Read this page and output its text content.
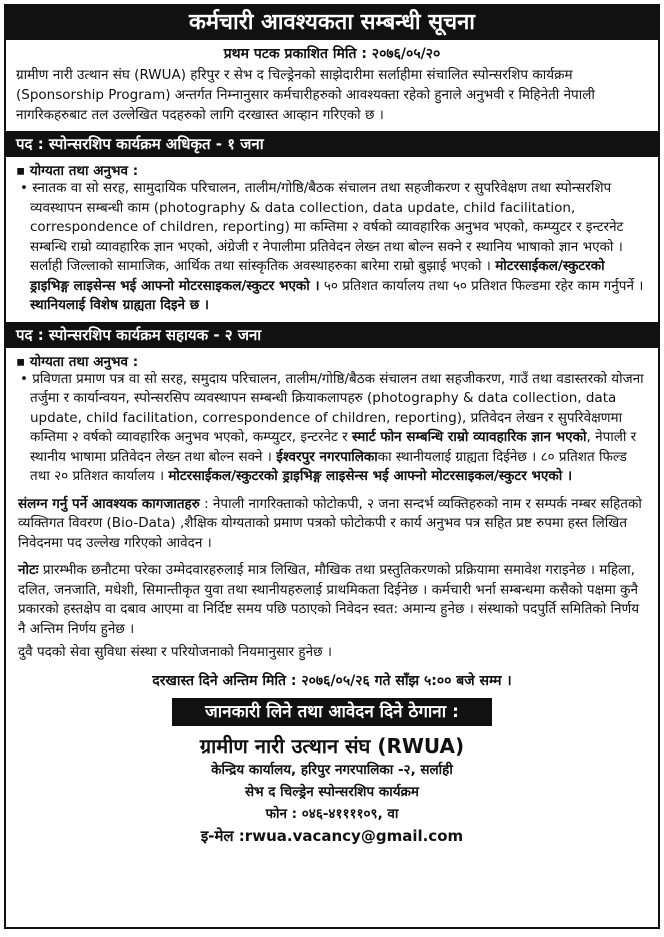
कर्मचारी आवश्यकता सम्बन्धी सूचना
प्रथम पटक प्रकाशित मिति : २०७६/०५/२०
ग्रामीण नारी उत्थान संघ (RWUA) हरिपुर र सेभ द चिल्ड्रेनको साझेदारीमा सर्लाहीमा संचालित स्पोन्सरशिप कार्यक्रम (Sponsorship Program) अन्तर्गत निम्नानुसार कर्मचारीहरुको आवश्यक्ता रहेको हुनाले अनुभवी र मिहिनेती नेपाली नागरिकहरुबाट तल उल्लेखित पदहरुको लागि दरखास्त आव्हान गरिएको छ ।
पद : स्पोन्सरशिप कार्यक्रम अधिकृत - १ जना
▪ योग्यता तथा अनुभव :
• स्नातक वा सो सरह, सामुदायिक परिचालन, तालीम/गोष्ठि/बैठक संचालन तथा सहजीकरण र सुपरिवेक्षण तथा स्पोन्सरशिप व्यवस्थापन सम्बन्धी काम (photography & data collection, data update, child facilitation, correspondence of children, reporting) मा कम्तिमा २ वर्षको व्यावहारिक अनुभव भएको, कम्प्युटर र इन्टरनेट सम्बन्धि राम्रो व्यावहारिक ज्ञान भएको, अंग्रेजी र नेपालीमा प्रतिवेदन लेख्न तथा बोल्न सक्ने र स्थानिय भाषाको ज्ञान भएको । सर्लाही जिल्लाको सामाजिक, आर्थिक तथा सांस्कृतिक अवस्थाहरुका बारेमा राम्रो बुझाई भएको । मोटरसाईकल/स्कुटरको ड्राइभिङ्ग लाइसेन्स भई आफ्नो मोटरसाइकल/स्कुटर भएको । ५० प्रतिशत कार्यालय तथा ५० प्रतिशत फिल्डमा रहेर काम गर्नुपर्ने । स्थानियलाई विशेष ग्राह्यता दिइने छ ।
पद : स्पोन्सरशिप कार्यक्रम सहायक - २ जना
▪ योग्यता तथा अनुभव :
• प्रविणता प्रमाण पत्र वा सो सरह, समुदाय परिचालन, तालीम/गोष्ठि/बैठक संचालन तथा सहजीकरण, गाउँ तथा वडास्तरको योजना तर्जुमा र कार्यान्वयन, स्पोन्सरसिप व्यवस्थापन सम्बन्धी क्रियाकलापहरु (photography & data collection, data update, child facilitation, correspondence of children, reporting), प्रतिवेदन लेखन र सुपरिवेक्षणमा कम्तिमा २ वर्षको व्यावहारिक अनुभव भएको, कम्प्युटर, इन्टरनेट र स्मार्ट फोन सम्बन्धि राम्रो व्यावहारिक ज्ञान भएको, नेपाली र स्थानीय भाषामा प्रतिवेदन लेख्न तथा बोल्न सक्ने । ईश्वरपुर नगरपालिकाका स्थानीयलाई ग्राह्यता दिईनेछ । ८० प्रतिशत फिल्ड तथा २० प्रतिशत कार्यालय । मोटरसाईकल/स्कुटरको ड्राइभिङ्ग लाइसेन्स भई आफ्नो मोटरसाइकल/स्कुटर भएको ।
संलग्न गर्नु पर्ने आवश्यक कागजातहरु : नेपाली नागरिक्ताको फोटोकपी, २ जना सन्दर्भ व्यक्तिहरुको नाम र सम्पर्क नम्बर सहितको व्यक्तिगत विवरण (Bio-Data) ,शैक्षिक योग्यताको प्रमाण पत्रको फोटोकपी र कार्य अनुभव पत्र सहित प्रष्ट रुपमा हस्त लिखित निवेदनमा पद उल्लेख गरिएको आवेदन ।
नोटः प्रारम्भीक छनौटमा परेका उम्मेदवारहरुलाई मात्र लिखित, मौखिक तथा प्रस्तुतिकरणको प्रक्रियामा समावेश गराइनेछ । महिला, दलित, जनजाति, मधेशी, सिमान्तीकृत युवा तथा स्थानीयहरुलाई प्राथमिकता दिईनेछ । कर्मचारी भर्ना सम्बन्धमा कसैको पक्षमा कुनै प्रकारको हस्तक्षेप वा दबाव आएमा वा निर्दिष्ट समय पछि पठाएको निवेदन स्वत: अमान्य हुनेछ । संस्थाको पदपुर्ति समितिको निर्णय नै अन्तिम निर्णय हुनेछ ।
दुवै पदको सेवा सुविधा संस्था र परियोजनाको नियमानुसार हुनेछ ।
दरखास्त दिने अन्तिम मिति : २०७६/०५/२६ गते साँझ ५:०० बजे सम्म ।
जानकारी लिने तथा आवेदन दिने ठेगाना :
ग्रामीण नारी उत्थान संघ (RWUA)
केन्द्रिय कार्यालय, हरिपुर नगरपालिका -२, सर्लाही
सेभ द चिल्ड्रेन स्पोन्सरशिप कार्यक्रम
फोन : ०४६-४११११०९, वा
इ-मेल :rwua.vacancy@gmail.com
